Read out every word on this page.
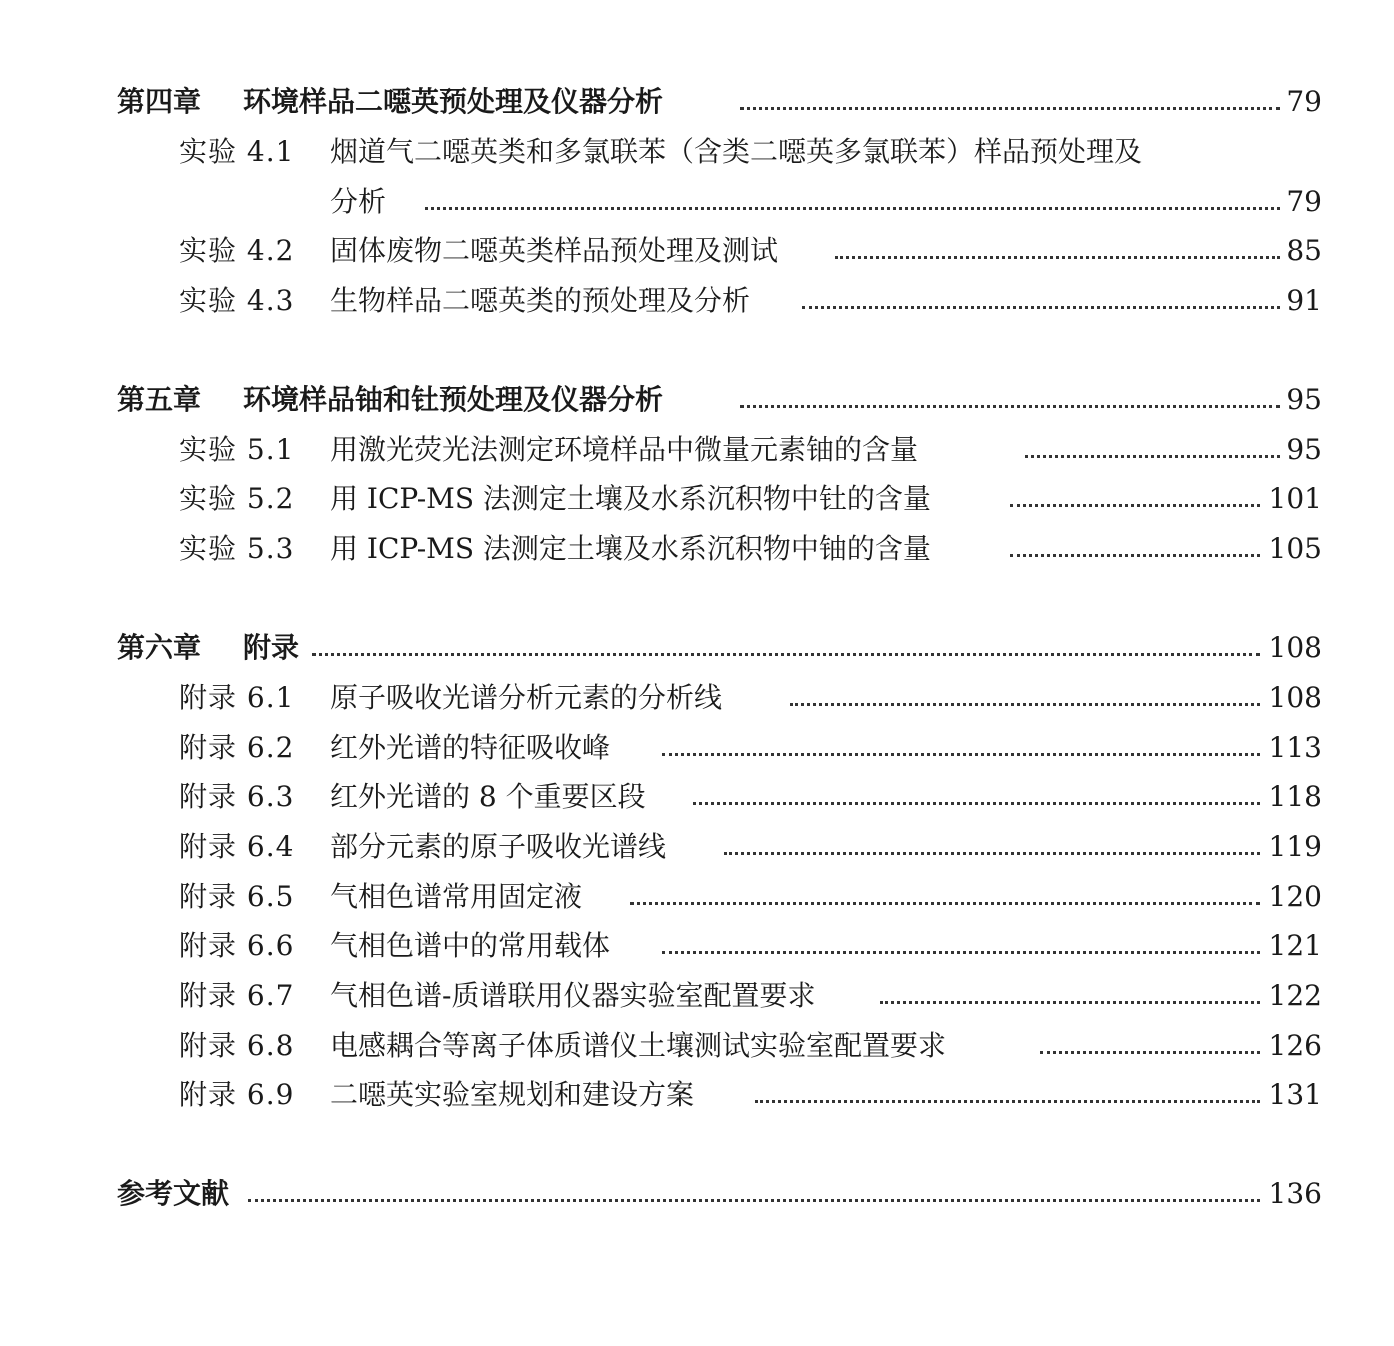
第四章 环境样品二噁英预处理及仪器分析	79
实验 4.1 烟道气二噁英类和多氯联苯（含类二噁英多氯联苯）样品预处理及
分析	79
实验 4.2 固体废物二噁英类样品预处理及测试	85
实验 4.3 生物样品二噁英类的预处理及分析	91
第五章 环境样品铀和钍预处理及仪器分析	95
实验 5.1 用激光荧光法测定环境样品中微量元素铀的含量	95
实验 5.2 用 ICP-MS 法测定土壤及水系沉积物中钍的含量	101
实验 5.3 用 ICP-MS 法测定土壤及水系沉积物中铀的含量	105
第六章 附录	108
附录 6.1 原子吸收光谱分析元素的分析线	108
附录 6.2 红外光谱的特征吸收峰	113
附录 6.3 红外光谱的 8 个重要区段	118
附录 6.4 部分元素的原子吸收光谱线	119
附录 6.5 气相色谱常用固定液	120
附录 6.6 气相色谱中的常用载体	121
附录 6.7 气相色谱-质谱联用仪器实验室配置要求	122
附录 6.8 电感耦合等离子体质谱仪土壤测试实验室配置要求	126
附录 6.9 二噁英实验室规划和建设方案	131
参考文献	136
